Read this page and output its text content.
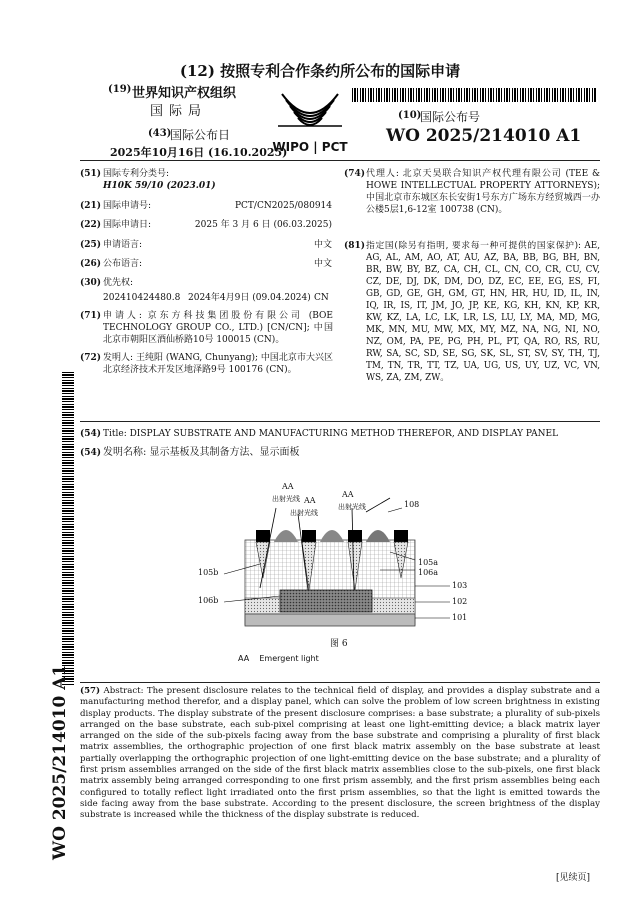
(12) 按照专利合作条约所公布的国际申请
(19) 世界知识产权组织
国际局
(43)
国际公布日
2025年10月16日 (16.10.2025)
WIPO | PCT
(10)
国际公布号
WO 2025/214010 A1
(51) 国际专利分类号:
H10K 59/10 (2023.01)
(21) 国际申请号:	PCT/CN2025/080914
(22) 国际申请日:	2025 年 3 月 6 日 (06.03.2025)
(25) 申请语言:	中文
(26) 公布语言:	中文
(30) 优先权:
202410424480.8 2024年4月9日 (09.04.2024) CN
(71) 申请人: 京东方科技集团股份有限公司 (BOE TECHNOLOGY GROUP CO., LTD.) [CN/CN]; 中国北京市朝阳区酒仙桥路10号 100015 (CN)。
(72) 发明人: 王纯阳 (WANG, Chunyang); 中国北京市大兴区北京经济技术开发区地泽路9号 100176 (CN)。
(74) 代理人: 北京天昊联合知识产权代理有限公司 (TEE & HOWE INTELLECTUAL PROPERTY ATTORNEYS); 中国北京市东城区东长安街1号东方广场东方经贸城西一办公楼5层1,6-12室 100738 (CN)。
(81) 指定国(除另有指明, 要求每一种可提供的国家保护): AE, AG, AL, AM, AO, AT, AU, AZ, BA, BB, BG, BH, BN, BR, BW, BY, BZ, CA, CH, CL, CN, CO, CR, CU, CV, CZ, DE, DJ, DK, DM, DO, DZ, EC, EE, EG, ES, FI, GB, GD, GE, GH, GM, GT, HN, HR, HU, ID, IL, IN, IQ, IR, IS, IT, JM, JO, JP, KE, KG, KH, KN, KP, KR, KW, KZ, LA, LC, LK, LR, LS, LU, LY, MA, MD, MG, MK, MN, MU, MW, MX, MY, MZ, NA, NG, NI, NO, NZ, OM, PA, PE, PG, PH, PL, PT, QA, RO, RS, RU, RW, SA, SC, SD, SE, SG, SK, SL, ST, SV, SY, TH, TJ, TM, TN, TR, TT, TZ, UA, UG, US, UY, UZ, VC, VN, WS, ZA, ZM, ZW。
WO 2025/214010 A1
(54) Title: DISPLAY SUBSTRATE AND MANUFACTURING METHOD THEREFOR, AND DISPLAY PANEL
(54) 发明名称: 显示基板及其制备方法、显示面板
AA
出射光线 AA
出射光线
AA
出射光线	108
105a
106a
105b
106b
103
102
101
图 6
AA    Emergent light
(57) Abstract: The present disclosure relates to the technical field of display, and provides a display substrate and a manufacturing method therefor, and a display panel, which can solve the problem of low screen brightness in existing display products. The display substrate of the present disclosure comprises: a base substrate; a plurality of sub-pixels arranged on the base substrate, each sub-pixel comprising at least one light-emitting device; a black matrix layer arranged on the side of the sub-pixels facing away from the base substrate and comprising a plurality of first black matrix assemblies, the orthographic projection of one first black matrix assembly on the base substrate at least partially overlapping the orthographic projection of one light-emitting device on the base substrate; and a plurality of first prism assemblies arranged on the side of the first black matrix assemblies close to the sub-pixels, one first black matrix assembly being arranged corresponding to one first prism assembly, and the first prism assemblies being each configured to totally reflect light irradiated onto the first prism assemblies, so that the light is emitted towards the side facing away from the base substrate. According to the present disclosure, the screen brightness of the display substrate is increased while the thickness of the display substrate is reduced.
[见续页]
